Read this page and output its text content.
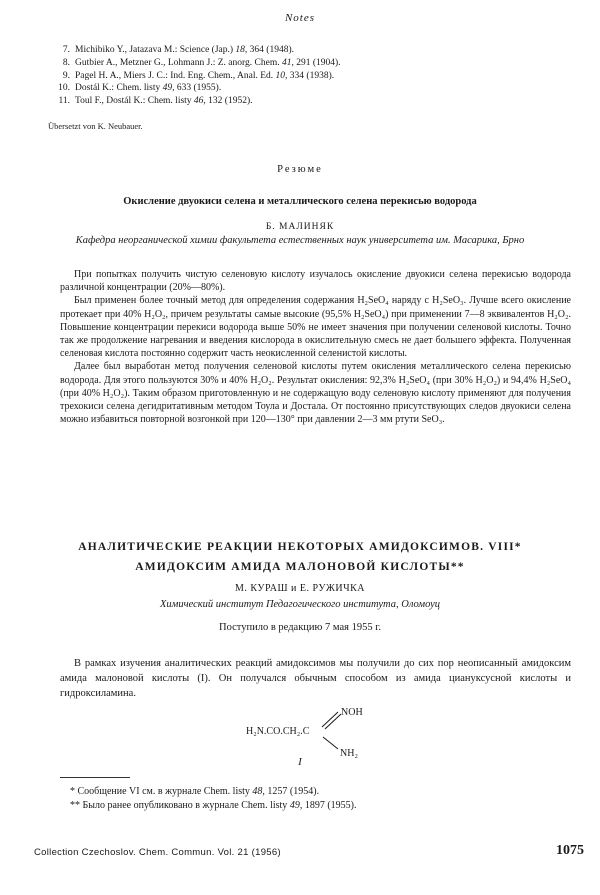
Notes
7. Michibiko Y., Jatazava M.:
Science (Jap.)
18 , 364 (1948).
8. Gutbier A., Metzner G., Lohmann J.:
Z. anorg. Chem.
41 , 291 (1904).
9. Pagel H. A., Miers J. C.:
Ind. Eng. Chem., Anal. Ed.
10 , 334 (1938).
10. Dostál K.:
Chem. listy
49 , 633 (1955).
11. Toul F., Dostál K.:
Chem. listy
46 , 132 (1952).
Übersetzt von K. Neubauer.
Резюме
Окисление двуокиси селена и металлического селена перекисью водорода
Б. МАЛИНЯК
Кафедра неорганической химии факультета естественных наук университета им. Масарика, Брно

При попытках получить чистую селеновую кислоту изучалось окисление двуокиси селена перекисью водорода различной концентрации (20%—80%).

Был применен более точный метод для определения содержания H₂SeO₄ наряду с H₂SeO₃. Лучше всего окисление протекает при 40% H₂O₂, причем результаты самые высокие (95,5% H₂SeO₄) при применении 7—8 эквивалентов H₂O₂. Повышение концентрации перекиси водорода выше 50% не имеет значения при получении селеновой кислоты. Точно так же продолжение нагревания и введения кислорода в окислительную смесь не дает большего эффекта. Полученная селеновая кислота постоянно содержит часть неокисленной селенистой кислоты.

Далее был выработан метод получения селеновой кислоты путем окисления металлического селена перекисью водорода. Для этого пользуются 30% и 40% H₂O₂. Результат окисления: 92,3% H₂SeO₄ (при 30% H₂O₂) и 94,4% H₂SeO₄ (при 40% H₂O₂). Таким образом приготовленную и не содержащую воду селеновую кислоту применяют для получения трехокиси селена дегидритативным методом Тоула и Достала. От постоянно присутствующих следов двуокиси селена можно избавиться повторной возгонкой при 120—130° при давлении 2—3 мм ртути SeO₃.

АНАЛИТИЧЕСКИЕ РЕАКЦИИ НЕКОТОРЫХ АМИДОКСИМОВ. VIII*
АМИДОКСИМ АМИДА МАЛОНОВОЙ КИСЛОТЫ**
М. КУРАШ и Е. РУЖИЧКА
Химический институт Педагогического института, Оломоуц
Поступило в редакцию 7 мая 1955 г.

В рамках изучения аналитических реакций амидоксимов мы получили до сих пор неописанный амидоксим амида малоновой кислоты (I). Он получался обычным способом из амида циануксусной кислоты и гидроксиламина.

H₂N.CO.CH₂.C
NOH
NH₂
I
* Сообщение VI см. в журнале Chem. listy 48, 1257 (1954).
** Было ранее опубликовано в журнале Chem. listy 49, 1897 (1955).
Collection Czechoslov. Chem. Commun. Vol. 21 (1956)	1075
